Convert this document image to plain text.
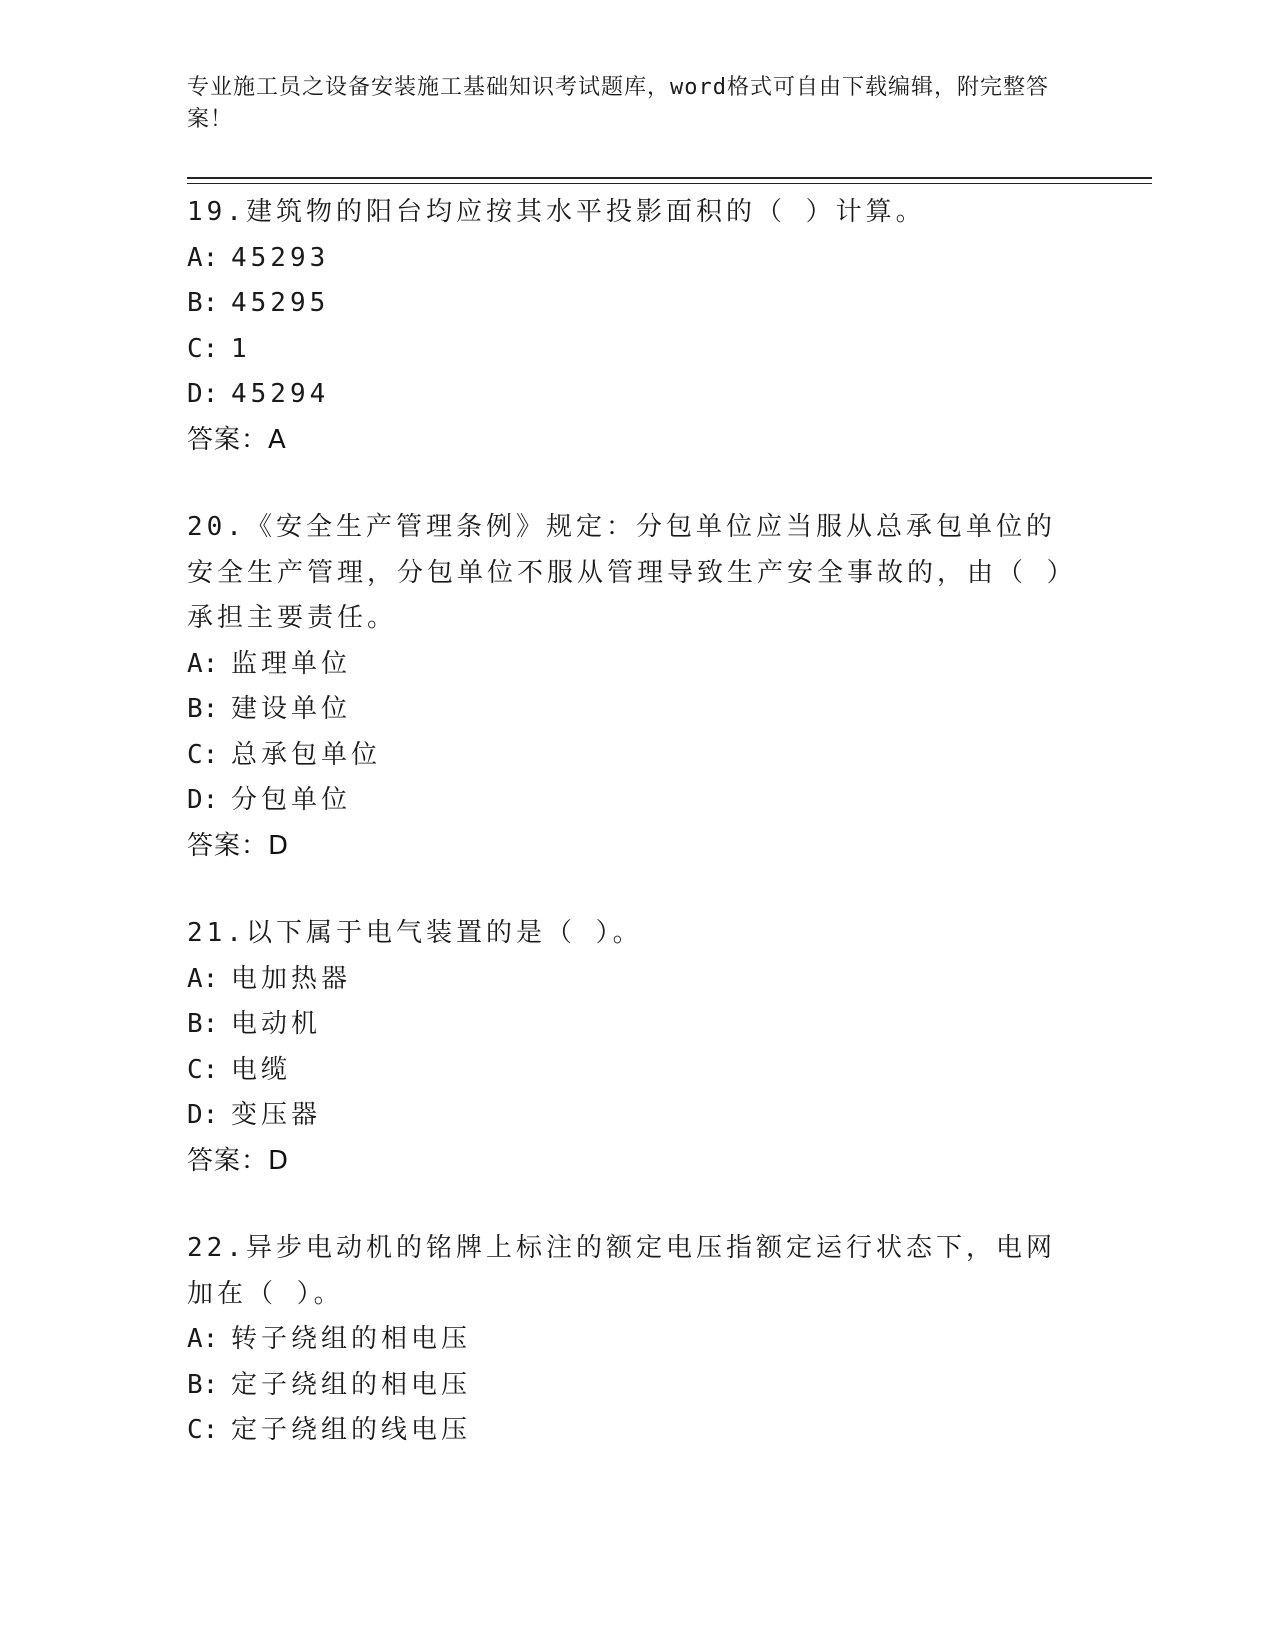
专业施工员之设备安装施工基础知识考试题库，word格式可自由下载编辑，附完整答案！

19.建筑物的阳台均应按其水平投影面积的（ ）计算。

A: 45293
B: 45295
C: 1
D: 45294
答案：A

20.《安全生产管理条例》规定：分包单位应当服从总承包单位的安全生产管理，分包单位不服从管理导致生产安全事故的，由（ ）承担主要责任。

A: 监理单位
B: 建设单位
C: 总承包单位
D: 分包单位
答案：D

21.以下属于电气装置的是（ ）。

A: 电加热器
B: 电动机
C: 电缆
D: 变压器
答案：D

22.异步电动机的铭牌上标注的额定电压指额定运行状态下，电网加在（ ）。

A: 转子绕组的相电压
B: 定子绕组的相电压
C: 定子绕组的线电压
